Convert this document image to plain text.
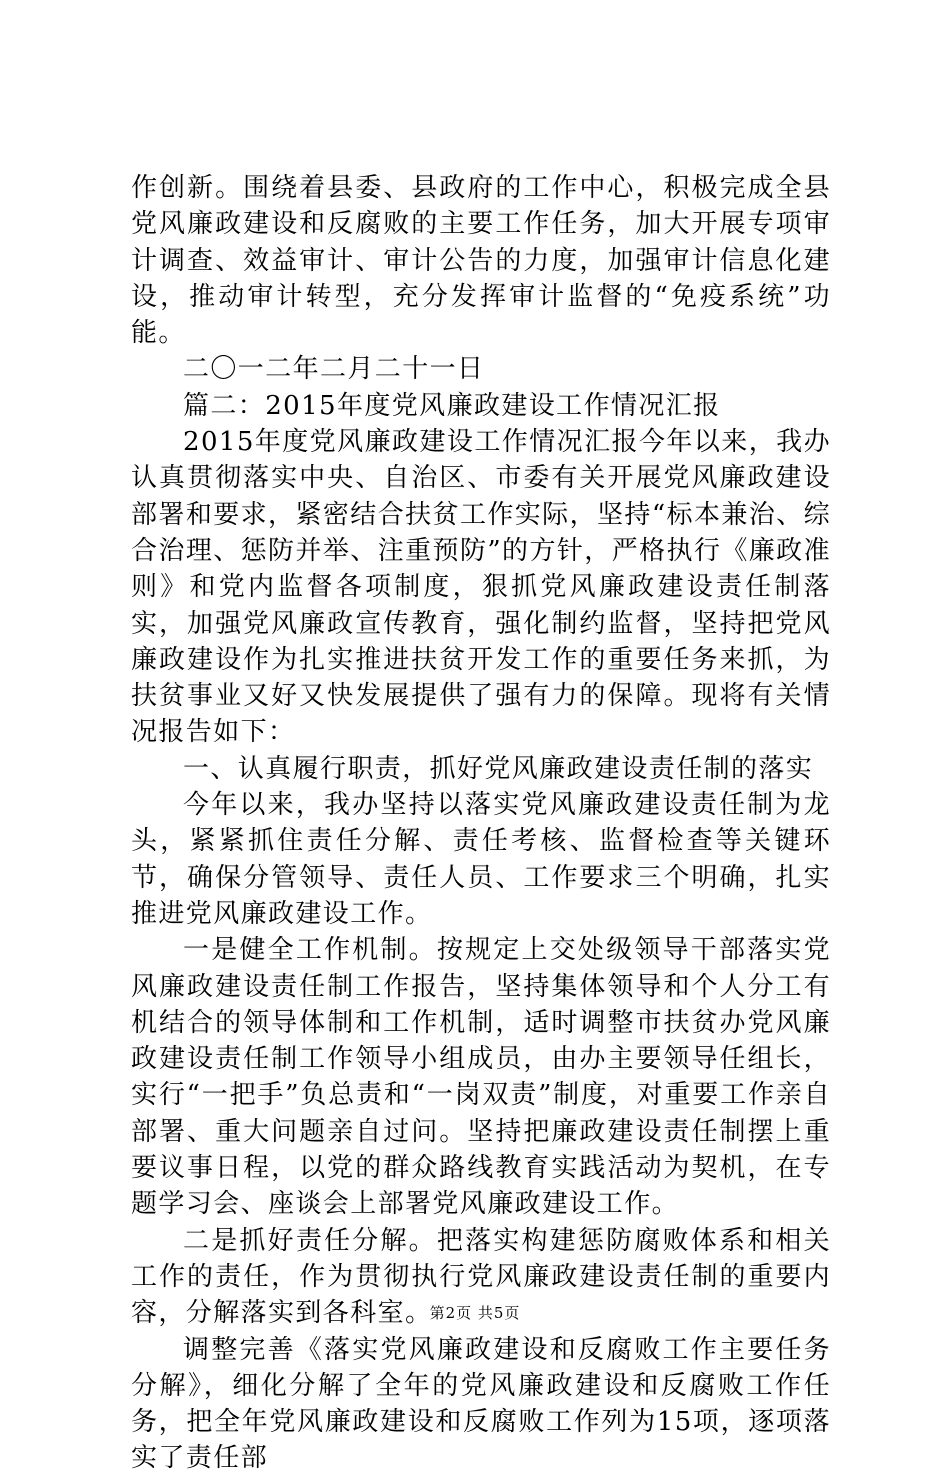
作创新。围绕着县委、县政府的工作中心，积极完成全县党风廉政建设和反腐败的主要工作任务，加大开展专项审计调查、效益审计、审计公告的力度，加强审计信息化建设，推动审计转型，充分发挥审计监督的“免疫系统”功能。

二〇一二年二月二十一日

篇二：2015年度党风廉政建设工作情况汇报

2015年度党风廉政建设工作情况汇报今年以来，我办认真贯彻落实中央、自治区、市委有关开展党风廉政建设部署和要求，紧密结合扶贫工作实际，坚持“标本兼治、综合治理、惩防并举、注重预防”的方针，严格执行《廉政准则》和党内监督各项制度，狠抓党风廉政建设责任制落实，加强党风廉政宣传教育，强化制约监督，坚持把党风廉政建设作为扎实推进扶贫开发工作的重要任务来抓，为扶贫事业又好又快发展提供了强有力的保障。现将有关情况报告如下：

一、认真履行职责，抓好党风廉政建设责任制的落实

今年以来，我办坚持以落实党风廉政建设责任制为龙头，紧紧抓住责任分解、责任考核、监督检查等关键环节，确保分管领导、责任人员、工作要求三个明确，扎实推进党风廉政建设工作。

一是健全工作机制。按规定上交处级领导干部落实党风廉政建设责任制工作报告，坚持集体领导和个人分工有机结合的领导体制和工作机制，适时调整市扶贫办党风廉政建设责任制工作领导小组成员，由办主要领导任组长，实行“一把手”负总责和“一岗双责”制度，对重要工作亲自部署、重大问题亲自过问。坚持把廉政建设责任制摆上重要议事日程，以党的群众路线教育实践活动为契机，在专题学习会、座谈会上部署党风廉政建设工作。

二是抓好责任分解。把落实构建惩防腐败体系和相关工作的责任，作为贯彻执行党风廉政建设责任制的重要内容，分解落实到各科室。

调整完善《落实党风廉政建设和反腐败工作主要任务分解》，细化分解了全年的党风廉政建设和反腐败工作任务，把全年党风廉政建设和反腐败工作列为15项，逐项落实了责任部

第2页 共5页
